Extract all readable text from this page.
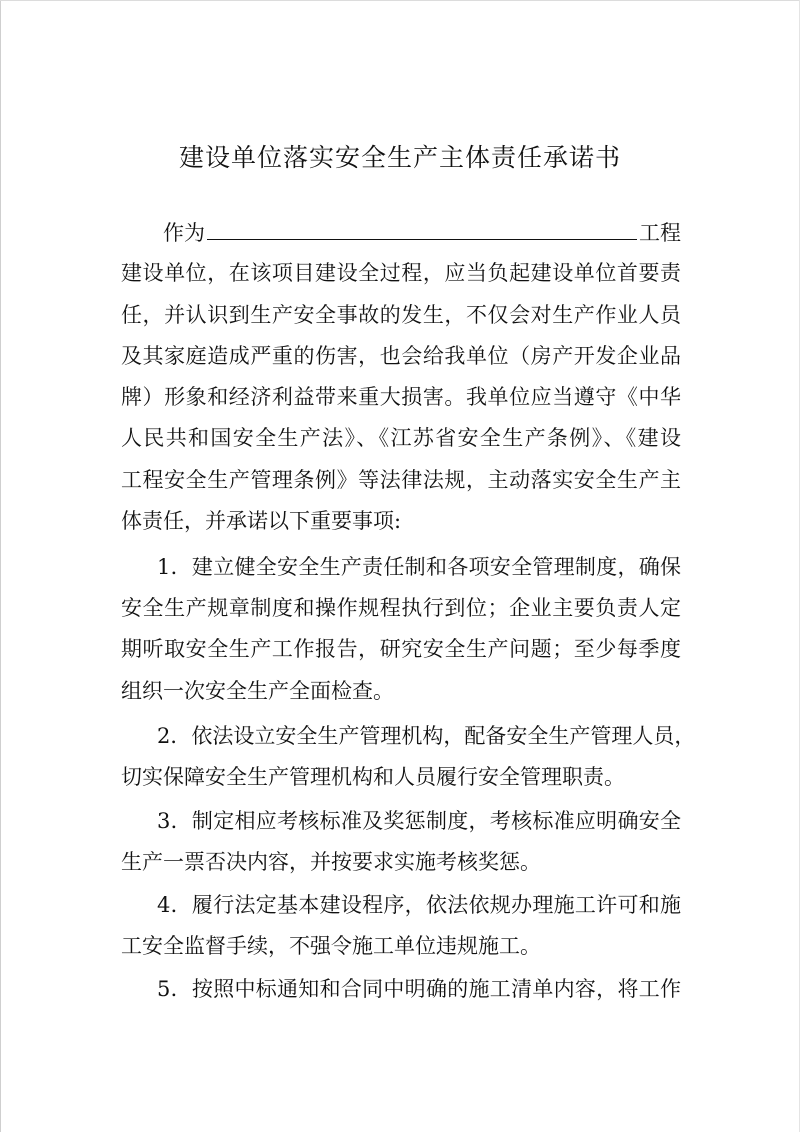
建设单位落实安全生产主体责任承诺书
作为	工程
建设单位，在该项目建设全过程，应当负起建设单位首要责
任，并认识到生产安全事故的发生，不仅会对生产作业人员
及其家庭造成严重的伤害，也会给我单位（房产开发企业品
牌）形象和经济利益带来重大损害。我单位应当遵守《中华
人民共和国安全生产法》、《江苏省安全生产条例》、《建设
工程安全生产管理条例》等法律法规，主动落实安全生产主
体责任，并承诺以下重要事项:
1．建立健全安全生产责任制和各项安全管理制度，确保
安全生产规章制度和操作规程执行到位；企业主要负责人定
期听取安全生产工作报告，研究安全生产问题；至少每季度
组织一次安全生产全面检查。
2．依法设立安全生产管理机构，配备安全生产管理人员，
切实保障安全生产管理机构和人员履行安全管理职责。
3．制定相应考核标准及奖惩制度，考核标准应明确安全
生产一票否决内容，并按要求实施考核奖惩。
4．履行法定基本建设程序，依法依规办理施工许可和施
工安全监督手续，不强令施工单位违规施工。
5．按照中标通知和合同中明确的施工清单内容，将工作
